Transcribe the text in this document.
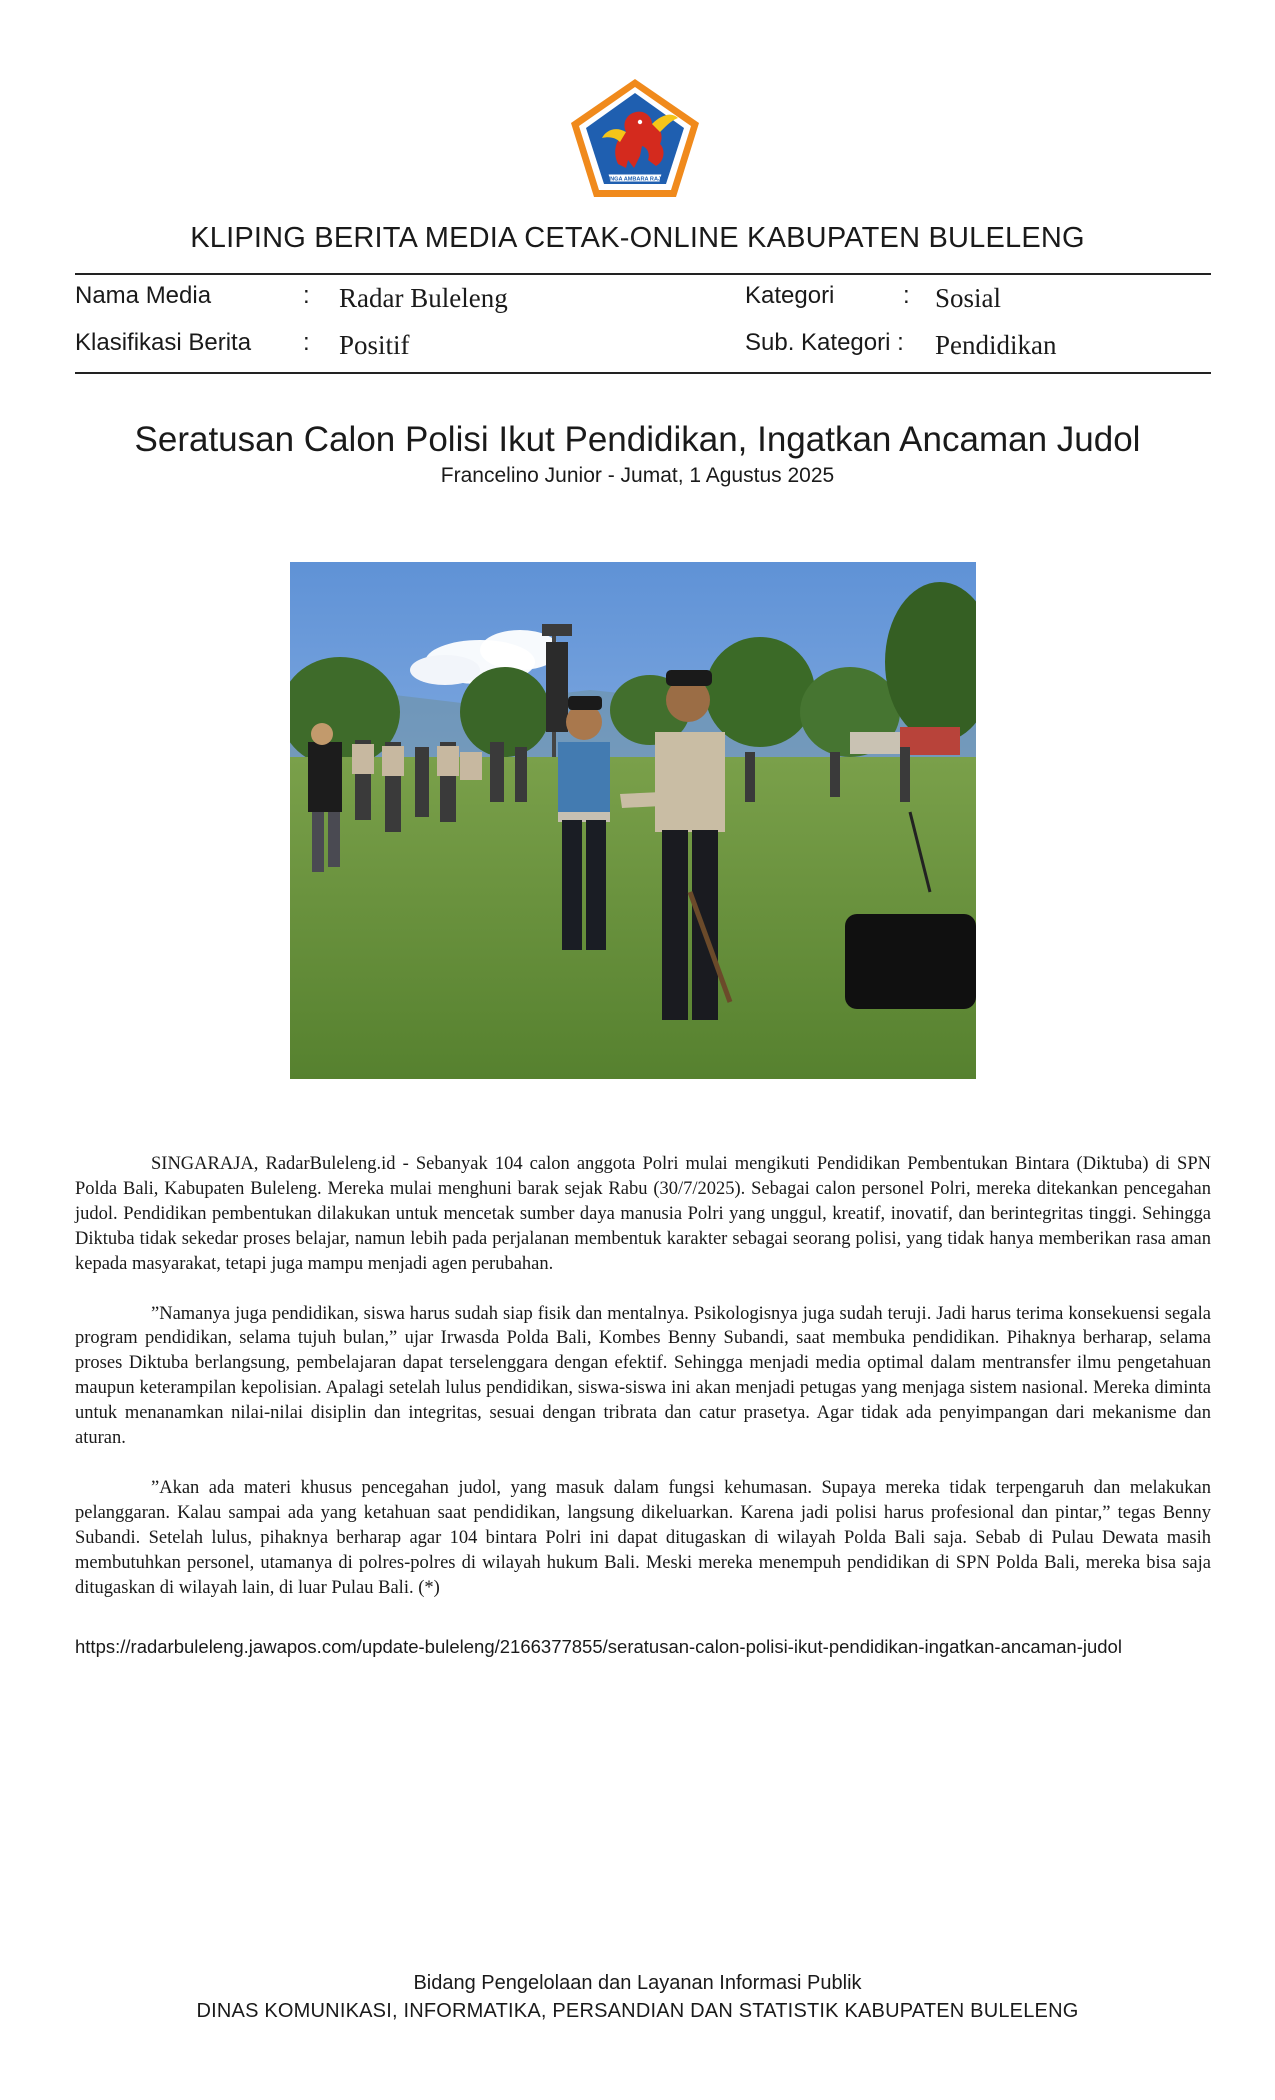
SINGA AMBARA RAJA
KLIPING BERITA MEDIA CETAK-ONLINE KABUPATEN BULELENG
Nama Media	: Radar Buleleng	Kategori	: Sosial
Klasifikasi Berita : Positif	Sub. Kategori : Pendidikan
Seratusan Calon Polisi Ikut Pendidikan, Ingatkan Ancaman Judol
Francelino Junior - Jumat, 1 Agustus 2025

SINGARAJA, RadarBuleleng.id - Sebanyak 104 calon anggota Polri mulai mengikuti Pendidikan Pembentukan Bintara (Diktuba) di SPN Polda Bali, Kabupaten Buleleng. Mereka mulai menghuni barak sejak Rabu (30/7/2025). Sebagai calon personel Polri, mereka ditekankan pencegahan judol. Pendidikan pembentukan dilakukan untuk mencetak sumber daya manusia Polri yang unggul, kreatif, inovatif, dan berintegritas tinggi. Sehingga Diktuba tidak sekedar proses belajar, namun lebih pada perjalanan membentuk karakter sebagai seorang polisi, yang tidak hanya memberikan rasa aman kepada masyarakat, tetapi juga mampu menjadi agen perubahan.

”Namanya juga pendidikan, siswa harus sudah siap fisik dan mentalnya. Psikologisnya juga sudah teruji. Jadi harus terima konsekuensi segala program pendidikan, selama tujuh bulan,” ujar Irwasda Polda Bali, Kombes Benny Subandi, saat membuka pendidikan. Pihaknya berharap, selama proses Diktuba berlangsung, pembelajaran dapat terselenggara dengan efektif. Sehingga menjadi media optimal dalam mentransfer ilmu pengetahuan maupun keterampilan kepolisian. Apalagi setelah lulus pendidikan, siswa-siswa ini akan menjadi petugas yang menjaga sistem nasional. Mereka diminta untuk menanamkan nilai-nilai disiplin dan integritas, sesuai dengan tribrata dan catur prasetya. Agar tidak ada penyimpangan dari mekanisme dan aturan.

”Akan ada materi khusus pencegahan judol, yang masuk dalam fungsi kehumasan. Supaya mereka tidak terpengaruh dan melakukan pelanggaran. Kalau sampai ada yang ketahuan saat pendidikan, langsung dikeluarkan. Karena jadi polisi harus profesional dan pintar,” tegas Benny Subandi. Setelah lulus, pihaknya berharap agar 104 bintara Polri ini dapat ditugaskan di wilayah Polda Bali saja. Sebab di Pulau Dewata masih membutuhkan personel, utamanya di polres-polres di wilayah hukum Bali. Meski mereka menempuh pendidikan di SPN Polda Bali, mereka bisa saja ditugaskan di wilayah lain, di luar Pulau Bali. (*)

https://radarbuleleng.jawapos.com/update-buleleng/2166377855/seratusan-calon-polisi-ikut-pendidikan-ingatkan-ancaman-judol
Bidang Pengelolaan dan Layanan Informasi Publik
DINAS KOMUNIKASI, INFORMATIKA, PERSANDIAN DAN STATISTIK KABUPATEN BULELENG
